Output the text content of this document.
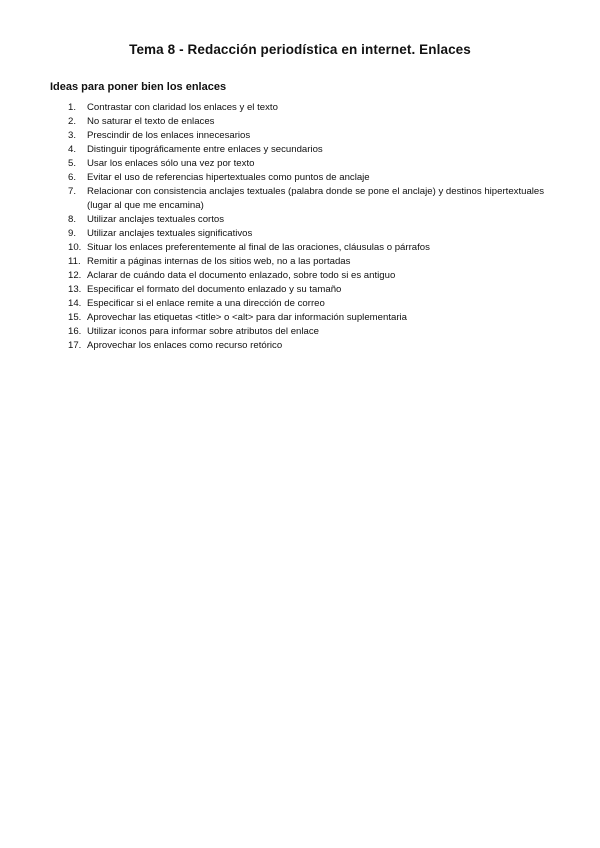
Tema 8 - Redacción periodística en internet. Enlaces
Ideas para poner bien los enlaces
1. Contrastar con claridad los enlaces y el texto
2. No saturar el texto de enlaces
3. Prescindir de los enlaces innecesarios
4. Distinguir tipográficamente entre enlaces y secundarios
5. Usar los enlaces sólo una vez por texto
6. Evitar el uso de referencias hipertextuales como puntos de anclaje
7. Relacionar con consistencia anclajes textuales (palabra donde se pone el anclaje) y destinos hipertextuales (lugar al que me encamina)
8. Utilizar anclajes textuales cortos
9. Utilizar anclajes textuales significativos
10. Situar los enlaces preferentemente al final de las oraciones, cláusulas o párrafos
11. Remitir a páginas internas de los sitios web, no a las portadas
12. Aclarar de cuándo data el documento enlazado, sobre todo si es antiguo
13. Especificar el formato del documento enlazado y su tamaño
14. Especificar si el enlace remite a una dirección de correo
15. Aprovechar las etiquetas <title> o <alt> para dar información suplementaria
16. Utilizar iconos para informar sobre atributos del enlace
17. Aprovechar los enlaces como recurso retórico
